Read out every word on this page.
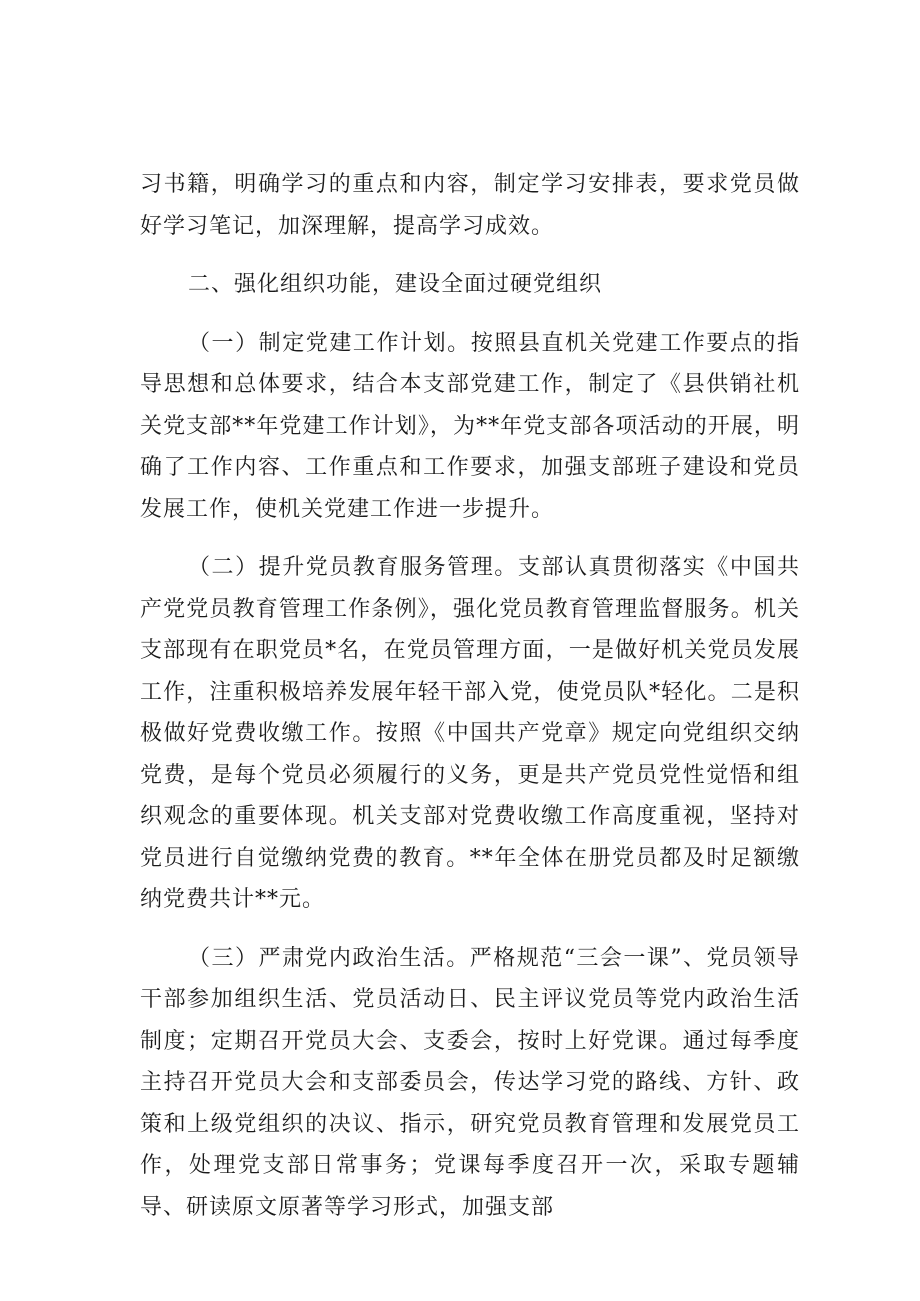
习书籍，明确学习的重点和内容，制定学习安排表，要求党员做好学习笔记，加深理解，提高学习成效。

二、强化组织功能，建设全面过硬党组织

（一）制定党建工作计划。按照县直机关党建工作要点的指导思想和总体要求，结合本支部党建工作，制定了《县供销社机关党支部**年党建工作计划》，为**年党支部各项活动的开展，明确了工作内容、工作重点和工作要求，加强支部班子建设和党员发展工作，使机关党建工作进一步提升。

（二）提升党员教育服务管理。支部认真贯彻落实《中国共产党党员教育管理工作条例》，强化党员教育管理监督服务。机关支部现有在职党员*名，在党员管理方面，一是做好机关党员发展工作，注重积极培养发展年轻干部入党，使党员队*轻化。二是积极做好党费收缴工作。按照《中国共产党章》规定向党组织交纳党费，是每个党员必须履行的义务，更是共产党员党性觉悟和组织观念的重要体现。机关支部对党费收缴工作高度重视，坚持对党员进行自觉缴纳党费的教育。**年全体在册党员都及时足额缴纳党费共计**元。

（三）严肃党内政治生活。严格规范“三会一课”、党员领导干部参加组织生活、党员活动日、民主评议党员等党内政治生活制度；定期召开党员大会、支委会，按时上好党课。通过每季度主持召开党员大会和支部委员会，传达学习党的路线、方针、政策和上级党组织的决议、指示，研究党员教育管理和发展党员工作，处理党支部日常事务；党课每季度召开一次，采取专题辅导、研读原文原著等学习形式，加强支部
